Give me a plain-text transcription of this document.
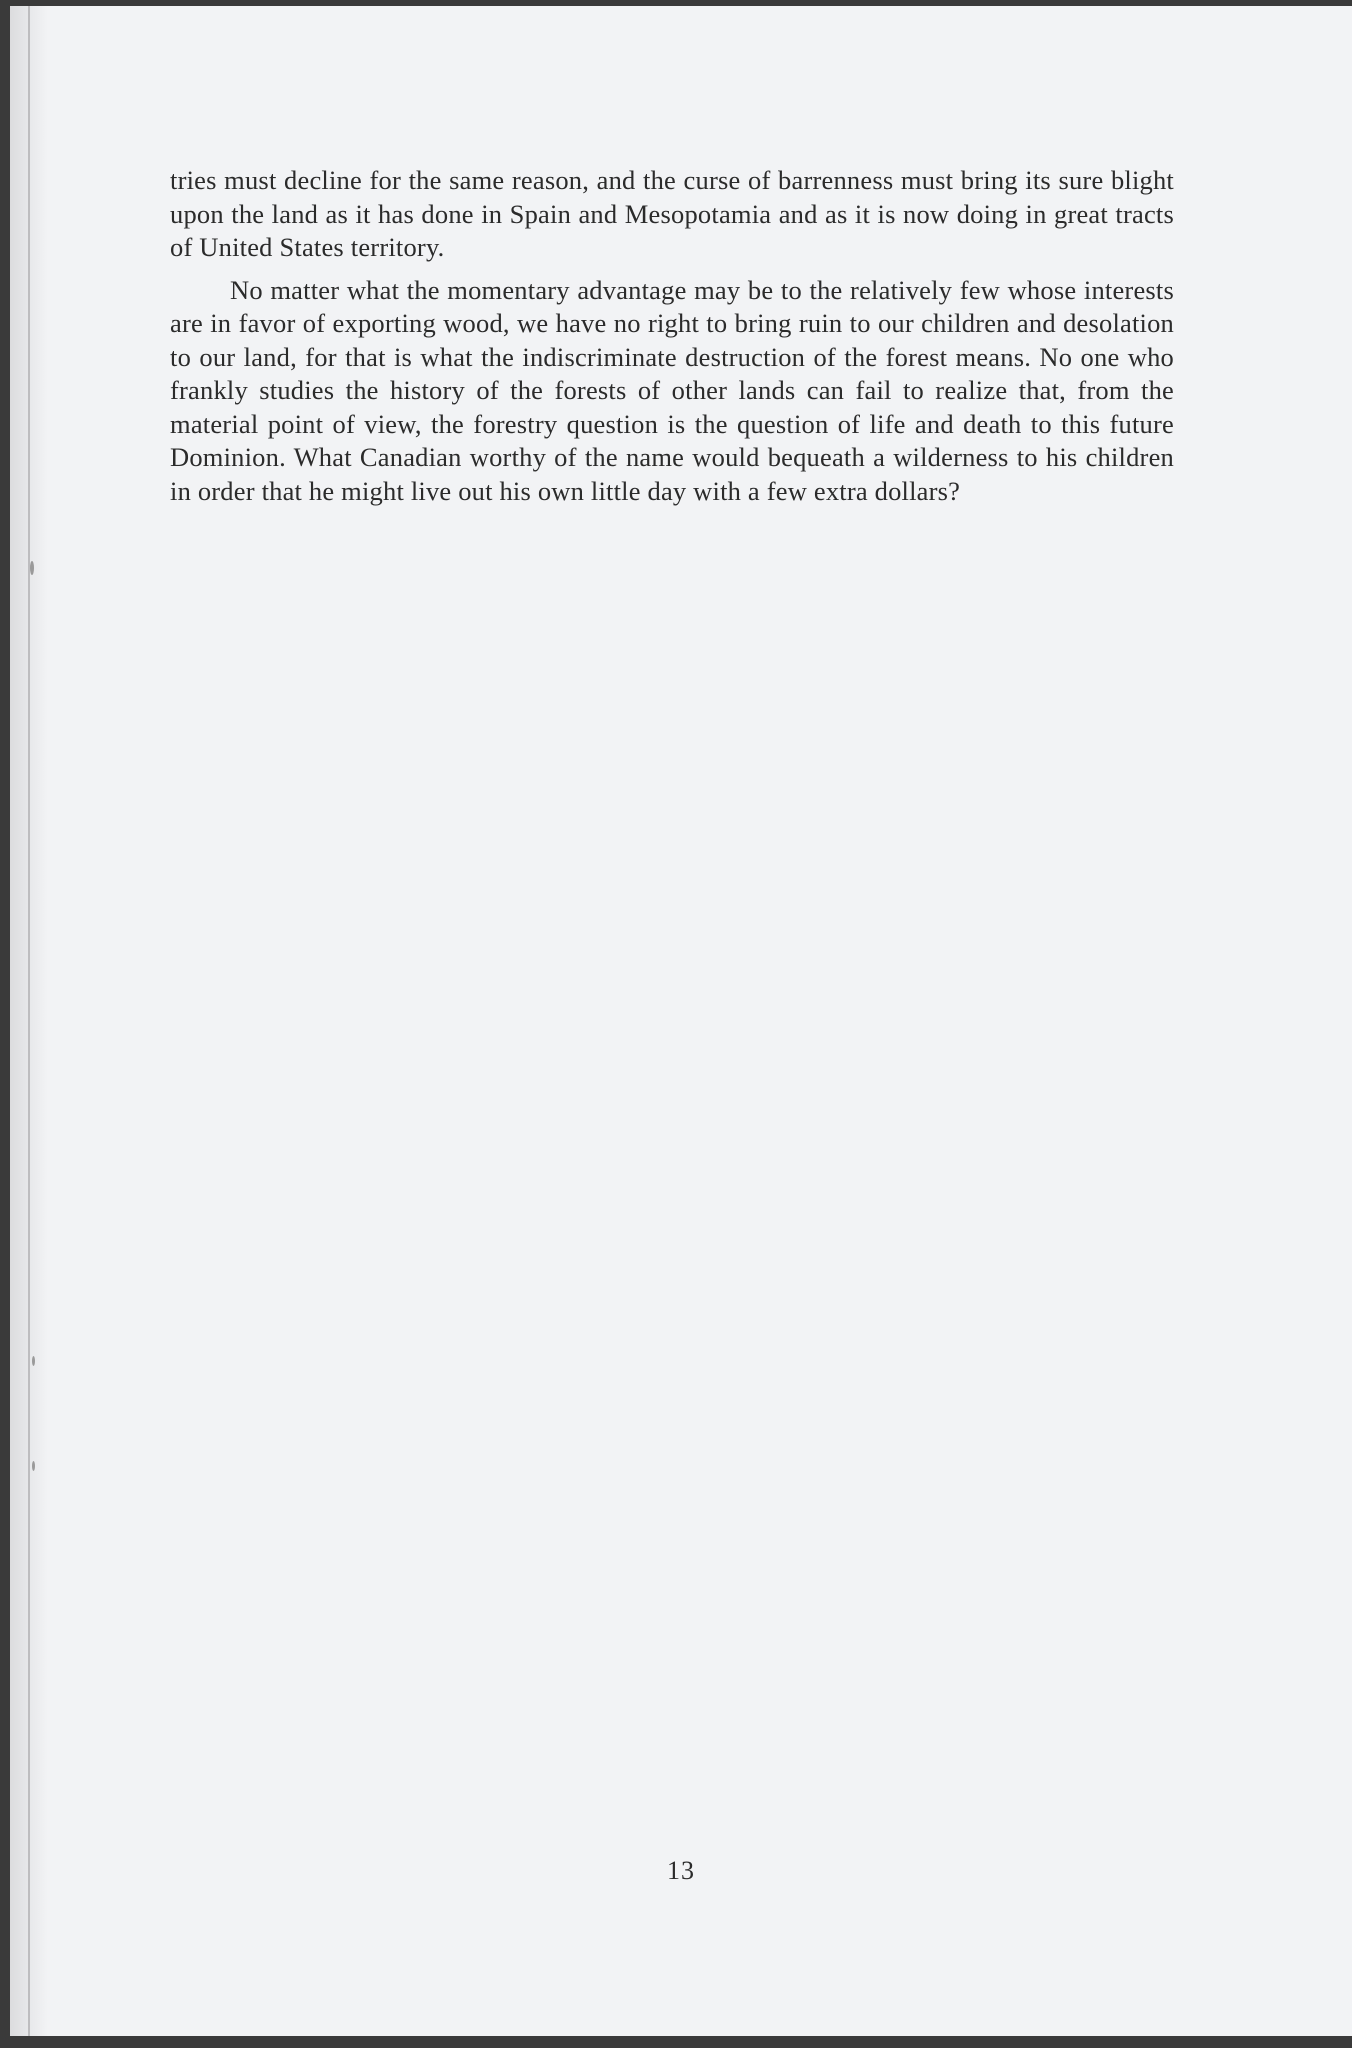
tries must decline for the same reason, and the curse of barrenness must bring its sure blight upon the land as it has done in Spain and Mesopotamia and as it is now doing in great tracts of United States territory.

No matter what the momentary advantage may be to the relatively few whose interests are in favor of exporting wood, we have no right to bring ruin to our children and desolation to our land, for that is what the indiscriminate destruction of the forest means. No one who frankly studies the history of the forests of other lands can fail to realize that, from the material point of view, the forestry question is the question of life and death to this future Dominion. What Canadian worthy of the name would bequeath a wilderness to his children in order that he might live out his own little day with a few extra dollars?

13
